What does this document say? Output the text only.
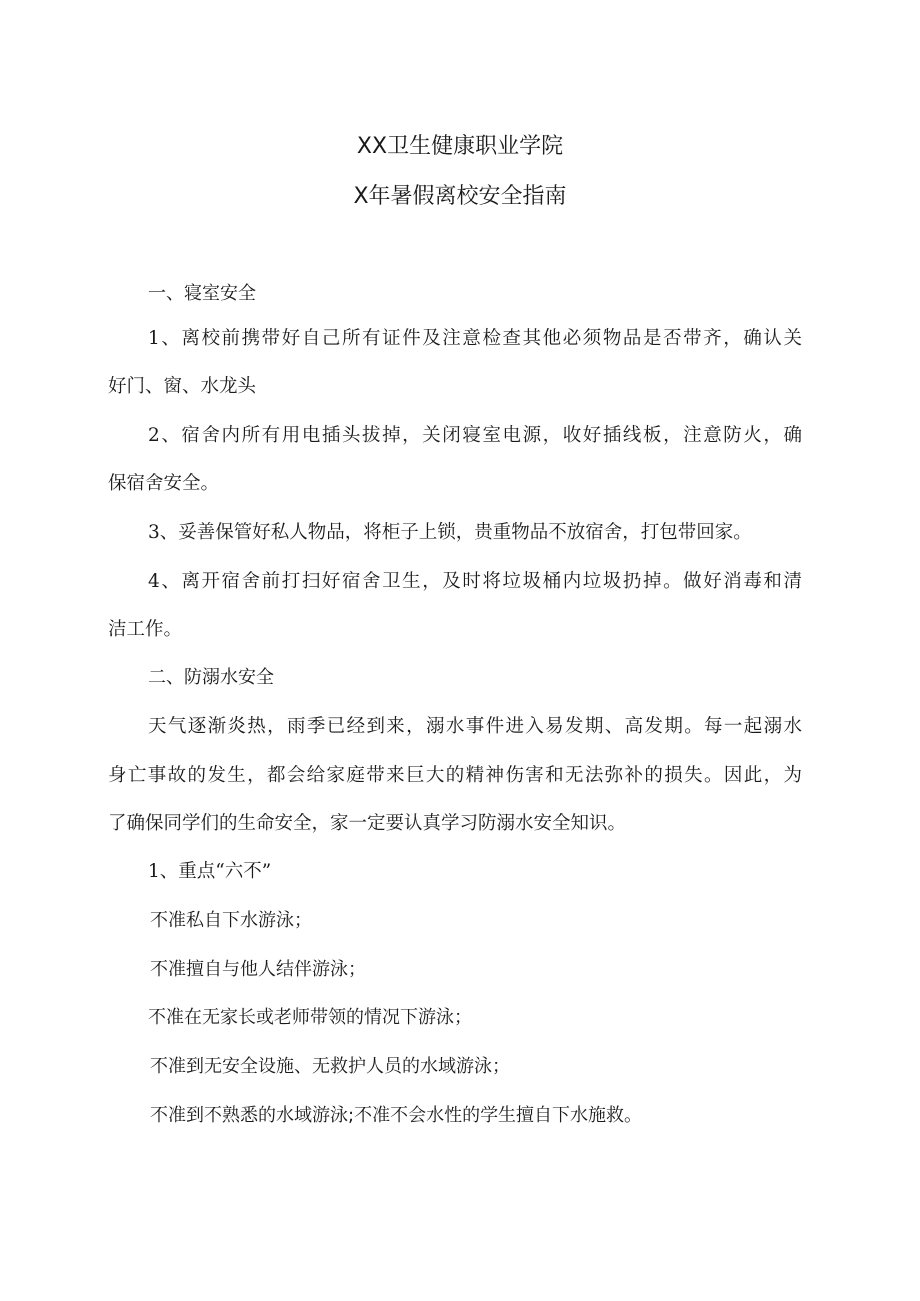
XX卫生健康职业学院
X年暑假离校安全指南
一、寝室安全
1、离校前携带好自己所有证件及注意检查其他必须物品是否带齐，确认关
好门、窗、水龙头
2、宿舍内所有用电插头拔掉，关闭寝室电源，收好插线板，注意防火，确
保宿舍安全。
3、妥善保管好私人物品，将柜子上锁，贵重物品不放宿舍，打包带回家。
4、离开宿舍前打扫好宿舍卫生，及时将垃圾桶内垃圾扔掉。做好消毒和清
洁工作。
二、防溺水安全
天气逐渐炎热，雨季已经到来，溺水事件进入易发期、高发期。每一起溺水
身亡事故的发生，都会给家庭带来巨大的精神伤害和无法弥补的损失。因此，为
了确保同学们的生命安全，家一定要认真学习防溺水安全知识。
1、重点“六不”
不准私自下水游泳；
不准擅自与他人结伴游泳；
不准在无家长或老师带领的情况下游泳；
不准到无安全设施、无救护人员的水域游泳；
不准到不熟悉的水域游泳;不准不会水性的学生擅自下水施救。
